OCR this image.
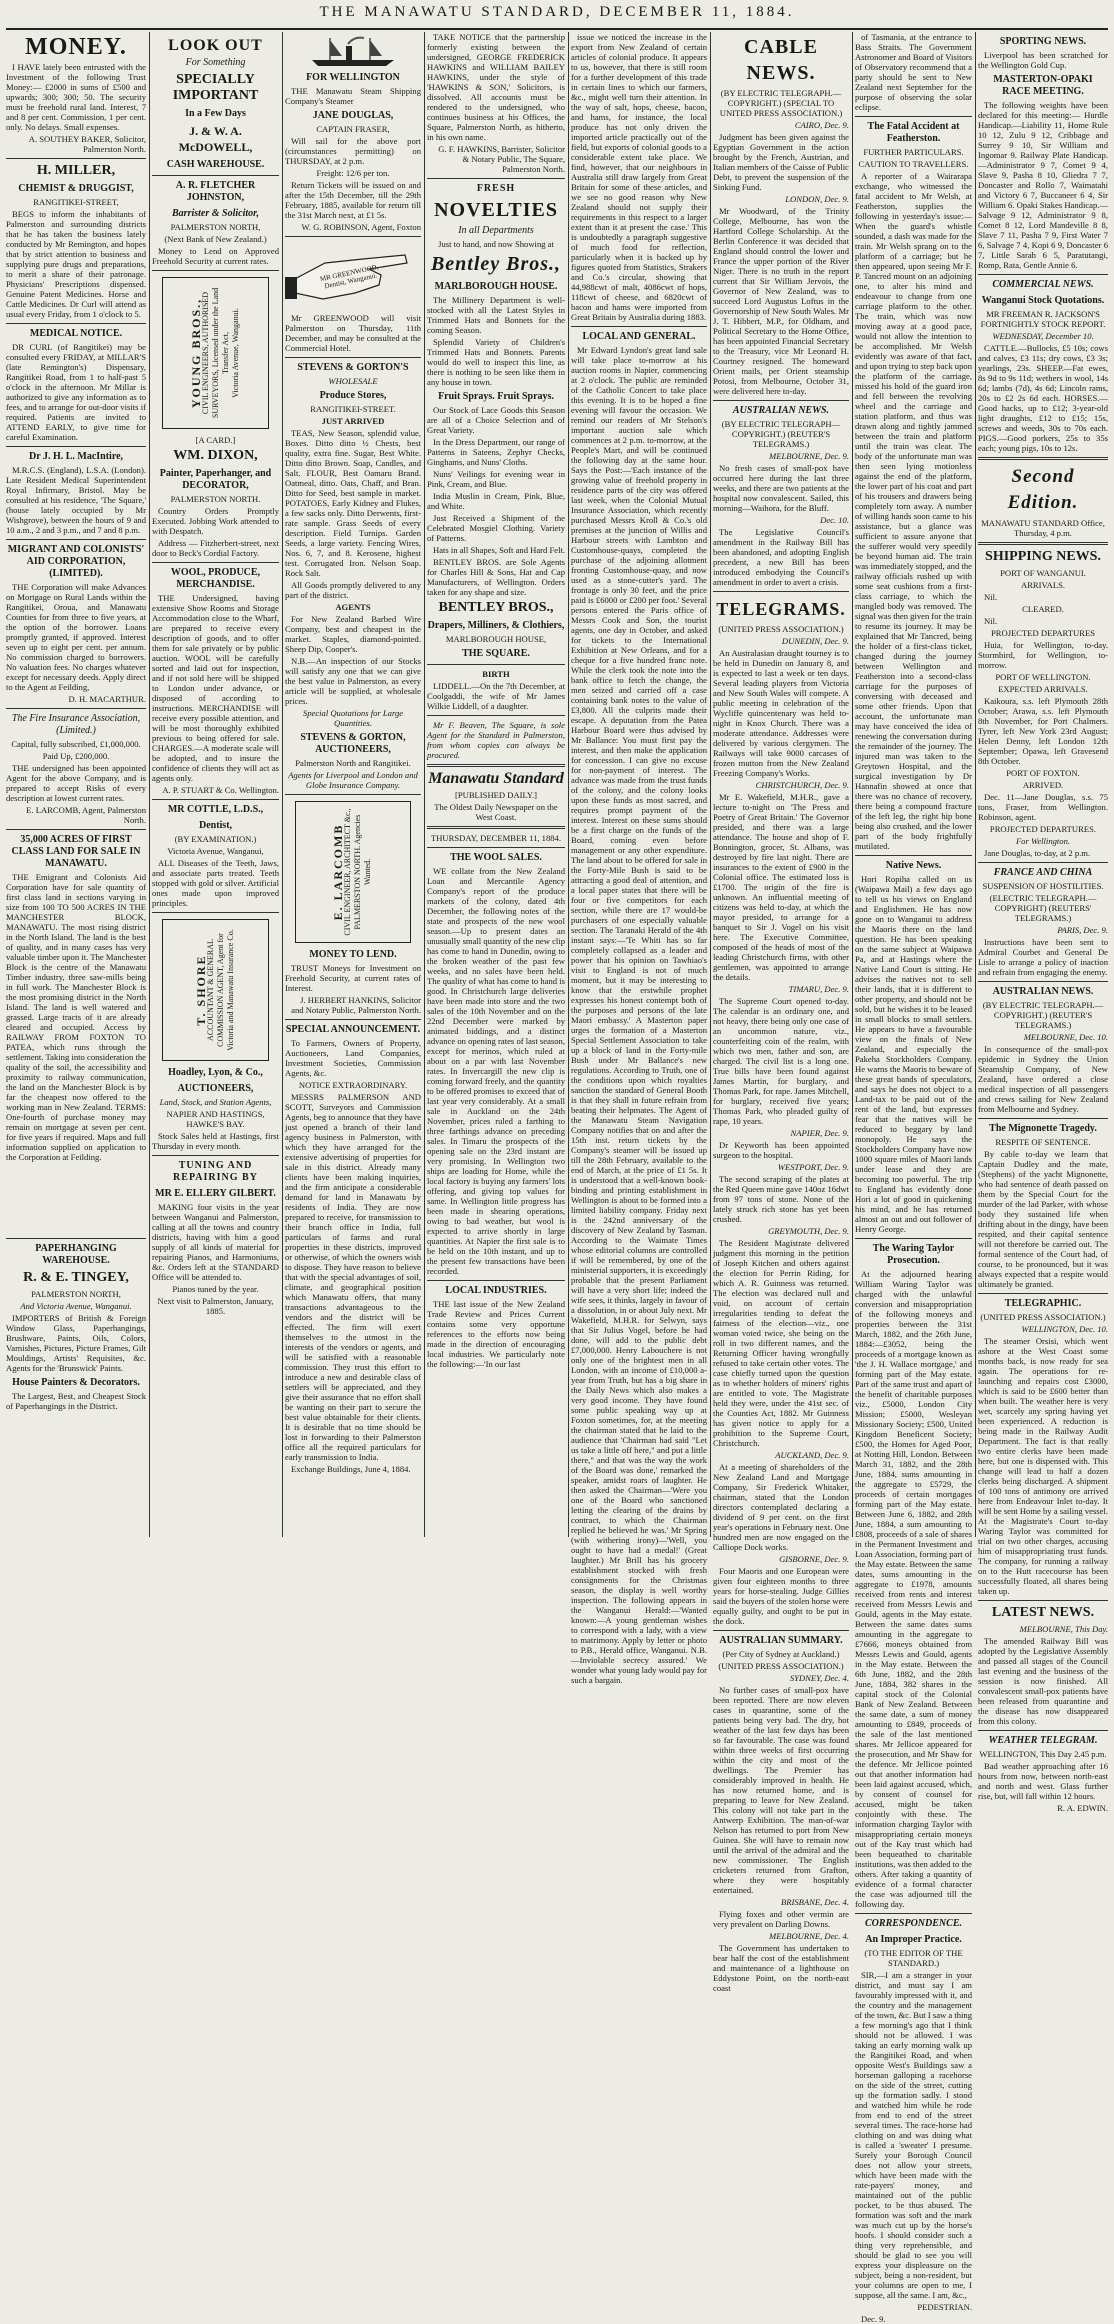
THE MANAWATU STANDARD, DECEMBER 11, 1884.
MONEY.

I HAVE lately been entrusted with the Investment of the following Trust Money:— £2000 in sums of £500 and upwards; 300; 300; 50. The security must be freehold rural land. Interest, 7 and 8 per cent. Commission, 1 per cent. only. No delays. Small expenses.

A. SOUTHEY BAKER, Solicitor, Palmerston North.

H. MILLER,
CHEMIST & DRUGGIST,

RANGITIKEI-STREET,

BEGS to inform the inhabitants of Palmerston and surrounding districts that he has taken the business lately conducted by Mr Remington, and hopes that by strict attention to business and supplying pure drugs and preparations, to merit a share of their patronage. Physicians' Prescriptions dispensed. Genuine Patent Medicines. Horse and Cattle Medicines. Dr Curl will attend as usual every Friday, from 1 o'clock to 5.

MEDICAL NOTICE.

DR CURL (of Rangitikei) may be consulted every FRIDAY, at MILLAR'S (late Remington's) Dispensary, Rangitikei Road, from 1 to half-past 5 o'clock in the afternoon. Mr Millar is authorized to give any information as to fees, and to arrange for out-door visits if required. Patients are invited to ATTEND EARLY, to give time for careful Examination.

Dr J. H. L. MacIntire,

M.R.C.S. (England), L.S.A. (London). Late Resident Medical Superintendent Royal Infirmary, Bristol. May be consulted at his residence, 'The Square,' (house lately occupied by Mr Wishgrove), between the hours of 9 and 10 a.m., 2 and 3 p.m., and 7 and 8 p.m.

MIGRANT AND COLONISTS' AID CORPORATION, (LIMITED).

THE Corporation will make Advances on Mortgage on Rural Lands within the Rangitikei, Oroua, and Manawatu Counties for from three to five years, at the option of the borrower. Loans promptly granted, if approved. Interest seven up to eight per cent. per annum. No commission charged to borrowers. No valuation fees. No charges whatever except for necessary deeds. Apply direct to the Agent at Feilding,

D. H. MACARTHUR.

The Fire Insurance Association, (Limited.)

Capital, fully subscribed, £1,000,000.

Paid Up, £200,000.

THE undersigned has been appointed Agent for the above Company, and is prepared to accept Risks of every description at lowest current rates.

E. LARCOMB, Agent, Palmerston North.

35,000 ACRES OF FIRST CLASS LAND FOR SALE IN MANAWATU.

THE Emigrant and Colonists Aid Corporation have for sale quantity of first class land in sections varying in size from 100 TO 500 ACRES IN THE MANCHESTER BLOCK, MANAWATU. The most rising district in the North Island. The land is the best of quality, and in many cases has very valuable timber upon it. The Manchester Block is the centre of the Manawatu Timber industry, three saw-mills being in full work. The Manchester Block is the most promising district in the North Island. The land is well watered and grassed. Large tracts of it are already cleared and occupied. Access by RAILWAY FROM FOXTON TO PATEA, which runs through the settlement. Taking into consideration the quality of the soil, the accessibility and proximity to railway communication, the land on the Manchester Block is by far the cheapest now offered to the working man in New Zealand. TERMS: One-fourth of purchase money may remain on mortgage at seven per cent. for five years if required. Maps and full information supplied on application to the Corporation at Feilding.

PAPERHANGING WAREHOUSE.
R. & E. TINGEY,

PALMERSTON NORTH,

And Victoria Avenue, Wanganui.

IMPORTERS of British & Foreign Window Glass, Paperhangings, Brushware, Paints, Oils, Colors, Varnishes, Pictures, Picture Frames, Gilt Mouldings, Artists' Requisites, &c. Agents for the 'Brunswick' Paints.

House Painters & Decorators.

The Largest, Best, and Cheapest Stock of Paperhangings in the District.

LOOK OUT
For Something
SPECIALLY IMPORTANT
In a Few Days
J. & W. A. McDOWELL,
CASH WAREHOUSE.
A. R. FLETCHER JOHNSTON,
Barrister & Solicitor,

PALMERSTON NORTH,

(Next Bank of New Zealand.)

Money to Lend on Approved Freehold Security at current rates.

YOUNG BROS.,
CIVIL ENGINEERS, AUTHORISED SURVEYORS, Licensed under the Land Transfer Act, Victoria Avenue, Wanganui.

[A CARD.]

WM. DIXON,
Painter, Paperhanger, and DECORATOR,

PALMERSTON NORTH.

Country Orders Promptly Executed. Jobbing Work attended to with Despatch.

Address — Fitzherbert-street, next door to Beck's Cordial Factory.

WOOL, PRODUCE, MERCHANDISE.

THE Undersigned, having extensive Show Rooms and Storage Accommodation close to the Wharf, are prepared to receive every description of goods, and to offer them for sale privately or by public auction. WOOL will be carefully sorted and laid out for inspection, and if not sold here will be shipped to London under advance, or disposed of according to instructions. MERCHANDISE will receive every possible attention, and will be most thoroughly exhibited previous to being offered for sale. CHARGES.—A moderate scale will be adopted, and to insure the confidence of clients they will act as agents only.

A. P. STUART & Co. Wellington.

MR COTTLE, L.D.S.,
Dentist,

(BY EXAMINATION.)

Victoria Avenue, Wanganui,

ALL Diseases of the Teeth, Jaws, and associate parts treated. Teeth stopped with gold or silver. Artificial ones made upon improved principles.

T. SHORE
ACCOUNTANT & GENERAL COMMISSION AGENT, Agent for Victoria and Manawatu Insurance Co.
Hoadley, Lyon, & Co.,
AUCTIONEERS,

Land, Stock, and Station Agents,

NAPIER AND HASTINGS, HAWKE'S BAY.

Stock Sales held at Hastings, first Thursday in every month.

TUNING AND REPAIRING BY
MR E. ELLERY GILBERT.

MAKING four visits in the year between Wanganui and Palmerston, calling at all the towns and country districts, having with him a good supply of all kinds of material for repairing Pianos, and Harmoniums, &c. Orders left at the STANDARD Office will be attended to.

Pianos tuned by the year.

Next visit to Palmerston, January, 1885.

FOR WELLINGTON

THE Manawatu Steam Shipping Company's Steamer

JANE DOUGLAS,

CAPTAIN FRASER,

Will sail for the above port (circumstances permitting) on THURSDAY, at 2 p.m.

Freight: 12/6 per ton.

Return Tickets will be issued on and after the 15th December, till the 29th February, 1885, available for return till the 31st March next, at £1 5s.

W. G. ROBINSON, Agent, Foxton

MR GREENWOOD, Dentist, Wanganui.

Mr GREENWOOD will visit Palmerston on Thursday, 11th December, and may be consulted at the Commercial Hotel.

STEVENS & GORTON'S

WHOLESALE

Produce Stores,

RANGITIKEI-STREET.

JUST ARRIVED

TEAS, New Season, splendid value, Boxes. Ditto ditto ½ Chests, best quality, extra fine. Sugar, Best White. Ditto ditto Brown. Soap, Candles, and Salt. FLOUR, Best Oamaru Brand. Oatmeal, ditto. Oats, Chaff, and Bran. Ditto for Seed, best sample in market. POTATOES, Early Kidney and Flukes, a few sacks only. Ditto Derwents, first-rate sample. Grass Seeds of every description. Field Turnips. Garden Seeds, a large variety. Fencing Wires, Nos. 6, 7, and 8. Kerosene, highest test. Corrugated Iron. Nelson Soap. Rock Salt.

All Goods promptly delivered to any part of the district.

AGENTS

For New Zealand Barbed Wire Company, best and cheapest in the market. Staples, diamond-pointed. Sheep Dip, Cooper's.

N.B.—An inspection of our Stocks will satisfy any one that we can give the best value in Palmerston, as every article will be supplied, at wholesale prices.

Special Quotations for Large Quantities.

STEVENS & GORTON, AUCTIONEERS,

Palmerston North and Rangitikei.

Agents for Liverpool and London and Globe Insurance Company.

E. LARCOMB
CIVIL ENGINEER, ARCHITECT &c., PALMERSTON NORTH. Agencies Wanted.
MONEY TO LEND.

TRUST Moneys for Investment on Freehold Security, at current rates of Interest.

J. HERBERT HANKINS, Solicitor and Notary Public, Palmerston North.

SPECIAL ANNOUNCEMENT.

To Farmers, Owners of Property, Auctioneers, Land Companies, Investment Societies, Commission Agents, &c.

NOTICE EXTRAORDINARY.

MESSRS PALMERSON AND SCOTT, Surveyors and Commission Agents, beg to announce that they have just opened a branch of their land agency business in Palmerston, with which they have arranged for the extensive advertising of properties for sale in this district. Already many clients have been making inquiries, and the firm anticipate a considerable demand for land in Manawatu by residents of India. They are now prepared to receive, for transmission to their branch office in India, full particulars of farms and rural properties in these districts, improved or otherwise, of which the owners wish to dispose. They have reason to believe that with the special advantages of soil, climate, and geographical position which Manawatu offers, that many transactions advantageous to the vendors and the district will be effected. The firm will exert themselves to the utmost in the interests of the vendors or agents, and will be satisfied with a reasonable commission. They trust this effort to introduce a new and desirable class of settlers will be appreciated, and they give their assurance that no effort shall be wanting on their part to secure the best value obtainable for their clients. It is desirable that no time should be lost in forwarding to their Palmerston office all the required particulars for early transmission to India.

Exchange Buildings, June 4, 1884.

TAKE NOTICE that the partnership formerly existing between the undersigned, GEORGE FREDERICK HAWKINS and WILLIAM BAILEY HAWKINS, under the style of 'HAWKINS & SON,' Solicitors, is dissolved. All accounts must be rendered to the undersigned, who continues business at his Offices, the Square, Palmerston North, as hitherto, in his own name.

G. F. HAWKINS, Barrister, Solicitor & Notary Public, The Square, Palmerston North.

FRESH
NOVELTIES
In all Departments

Just to hand, and now Showing at

Bentley Bros.,
MARLBOROUGH HOUSE.

The Millinery Department is well-stocked with all the Latest Styles in Trimmed Hats and Bonnets for the coming Season.

Splendid Variety of Children's Trimmed Hats and Bonnets. Parents would do well to inspect this line, as there is nothing to be seen like them in any house in town.

Fruit Sprays. Fruit Sprays.

Our Stock of Lace Goods this Season are all of a Choice Selection and of Great Variety.

In the Dress Department, our range of Patterns in Sateens, Zephyr Checks, Ginghams, and Nuns' Cloths.

Nuns' Veilings for evening wear in Pink, Cream, and Blue.

India Muslin in Cream, Pink, Blue, and White.

Just Received a Shipment of the Celebrated Mosgiel Clothing. Variety of Patterns.

Hats in all Shapes, Soft and Hard Felt.

BENTLEY BROS. are Sole Agents for Charles Hill & Sons, Hat and Cap Manufacturers, of Wellington. Orders taken for any shape and size.

BENTLEY BROS.,
Drapers, Milliners, & Clothiers,

MARLBOROUGH HOUSE,

THE SQUARE.

BIRTH

LIDDELL.—On the 7th December, at Coolgaddi, the wife of Mr James Wilkie Liddell, of a daughter.

Mr F. Beaven, The Square, is sole Agent for the Standard in Palmerston, from whom copies can always be procured.

Manawatu Standard

[PUBLISHED DAILY.]

The Oldest Daily Newspaper on the West Coast.

THURSDAY, DECEMBER 11, 1884.

THE WOOL SALES.

WE collate from the New Zealand Loan and Mercantile Agency Company's report of the produce markets of the colony, dated 4th December, the following notes of the state and prospects of the new wool season.—Up to present dates an unusually small quantity of the new clip has come to hand in Dunedin, owing to the broken weather of the past few weeks, and no sales have been held. The quality of what has come to hand is good. In Christchurch large deliveries have been made into store and the two sales of the 10th November and on the 22nd December were marked by animated biddings, and a distinct advance on opening rates of last season, except for merinos, which ruled at about on a par with last November rates. In Invercargill the new clip is coming forward freely, and the quantity to be offered promises to exceed that of last year very considerably. At a small sale in Auckland on the 24th November, prices ruled a farthing to three farthings advance on preceding sales. In Timaru the prospects of the opening sale on the 23rd instant are very promising. In Wellington two ships are loading for Home, while the local factory is buying any farmers' lots offering, and giving top values for same. In Wellington little progress has been made in shearing operations, owing to bad weather, but wool is expected to arrive shortly in large quantities. At Napier the first sale is to be held on the 10th instant, and up to the present few transactions have been recorded.

LOCAL INDUSTRIES.

THE last issue of the New Zealand Trade Review and Prices Current contains some very opportune references to the efforts now being made in the direction of encouraging local industries. We particularly note the following:—'In our last

issue we noticed the increase in the export from New Zealand of certain articles of colonial produce. It appears to us, however, that there is still room for a further development of this trade in certain lines to which our farmers, &c., might well turn their attention. In the way of salt, hops, cheese, bacon, and hams, for instance, the local produce has not only driven the imported article practically out of the field, but exports of colonial goods to a considerable extent take place. We find, however, that our neighbours in Australia still draw largely from Great Britain for some of these articles, and we see no good reason why New Zealand should not supply their requirements in this respect to a larger extent than it at present the case.' This is undoubtedly a paragraph suggestive of much food for reflection, particularly when it is backed up by figures quoted from Statistics, Strakers and Co.'s circular, showing that 44,988cwt of malt, 4086cwt of hops, 118cwt of cheese, and 6820cwt of bacon and hams were imported from Great Britain by Australia during 1883.

LOCAL AND GENERAL.

Mr Edward Lyndon's great land sale will take place to-morrow at his auction rooms in Napier, commencing at 2 o'clock. The public are reminded of the Catholic Concert to take place this evening. It is to be hoped a fine evening will favour the occasion. We remind our readers of Mr Stelson's important auction sale which commences at 2 p.m. to-morrow, at the People's Mart, and will be continued the following day at the same hour. Says the Post:—'Each instance of the growing value of freehold property in residence parts of the city was offered last week, when the Colonial Mutual Insurance Association, which recently purchased Messrs Kroll & Co.'s old premises at the junction of Willis and Harbour streets with Lambton and Customhouse-quays, completed the purchase of the adjoining allotment fronting Customhouse-quay, and now used as a stone-cutter's yard. The frontage is only 30 feet, and the price paid is £6000 or £200 per foot.' Several persons entered the Paris office of Messrs Cook and Son, the tourist agents, one day in October, and asked for tickets to the International Exhibition at New Orleans, and for a cheque for a five hundred franc note. While the clerk took the note into the bank office to fetch the change, the men seized and carried off a case containing bank notes to the value of £3,800. All the culprits made their escape. A deputation from the Patea Harbour Board were thus advised by Mr Ballance: You must first pay the interest, and then make the application for concession. I can give no excuse for non-payment of interest. The advance was made from the trust funds of the colony, and the colony looks upon these funds as most sacred, and requires prompt payment of the interest. Interest on these sums should be a first charge on the funds of the Board, coming even before management or any other expenditure. The land about to be offered for sale in the Forty-Mile Bush is said to be attracting a good deal of attention, and a local paper states that there will be four or five competitors for each section, while there are 17 would-be purchasers of one especially valuable section. The Taranaki Herald of the 4th instant says:—'Te Whiti has so far completely collapsed as a leader and power that his opinion on Tawhiao's visit to England is not of much moment, but it may be interesting to know that the erstwhile prophet expresses his honest contempt both of the purposes and persons of the late Maori embassy.' A Masterton paper urges the formation of a Masterton Special Settlement Association to take up a block of land in the Forty-mile Bush under Mr Ballance's new regulations. According to Truth, one of the conditions upon which royalties sanction the standard of General Booth is that they shall in future refrain from beating their helpmates. The Agent of the Manawatu Steam Navigation Company notifies that on and after the 15th inst. return tickets by the Company's steamer will be issued up till the 28th February, available to the end of March, at the price of £1 5s. It is understood that a well-known book-binding and printing establishment in Wellington is about to be formed into a limited liability company. Friday next is the 242nd anniversary of the discovery of New Zealand by Tasman. According to the Waimate Times whose editorial columns are controlled if will be remembered, by one of the ministerial supporters, it is exceedingly probable that the present Parliament will have a very short life; indeed the wife sees, it thinks, largely in favour of a dissolution, in or about July next. Mr Wakefield, M.H.R. for Selwyn, says that Sir Julius Vogel, before he had done, will add to the public debt £7,000,000. Henry Labouchere is not only one of the brightest men in all London, with an income of £10,000 a-year from Truth, but has a big share in the Daily News which also makes a very good income. They have found some public speaking way up at Foxton sometimes, for, at the meeting the chairman stated that he laid to the audience that 'Chairman had said "Let us take a little off here," and put a little there," and that was the way the work of the Board was done,' remarked the speaker, amidst roars of laughter. He then asked the Chairman—'Were you one of the Board who sanctioned letting the clearing of the drains by contract, to which the Chairman replied he believed he was.' Mr Spring (with withering irony)—'Well, you ought to have had a medal!' (Great laughter.) Mr Brill has his grocery establishment stocked with fresh consignments for the Christmas season, the display is well worthy inspection. The following appears in the Wanganui Herald:—'Wanted known:—A young gentleman wishes to correspond with a lady, with a view to matrimony. Apply by letter or photo to P.B., Herald office, Wanganui. N.B.—Inviolable secrecy assured.' We wonder what young lady would pay for such a bargain.

CABLE NEWS.

(BY ELECTRIC TELEGRAPH.—COPYRIGHT.) (SPECIAL TO UNITED PRESS ASSOCIATION.)

CAIRO, Dec. 9.

Judgment has been given against the Egyptian Government in the action brought by the French, Austrian, and Italian members of the Caisse of Public Debt, to prevent the suspension of the Sinking Fund.

LONDON, Dec. 9.

Mr Woodward, of the Trinity College, Melbourne, has won the Hartford College Scholarship. At the Berlin Conference it was decided that England should control the lower and France the upper portion of the River Niger. There is no truth in the report current that Sir William Jervois, the Governor of New Zealand, was to succeed Lord Augustus Loftus in the Governorship of New South Wales. Mr J. T. Hibbert, M.P., for Oldham, and Political Secretary to the Home Office, has been appointed Financial Secretary to the Treasury, vice Mr Leonard H. Courtney resigned. The homeward Orient mails, per Orient steamship Potosi, from Melbourne, October 31, were delivered here to-day.

AUSTRALIAN NEWS.

(BY ELECTRIC TELEGRAPH—COPYRIGHT.) (REUTER'S TELEGRAMS.)

MELBOURNE, Dec. 9.

No fresh cases of small-pox have occurred here during the last three weeks, and there are two patients at the hospital now convalescent. Sailed, this morning—Waihora, for the Bluff.

Dec. 10.

The Legislative Council's amendment in the Railway Bill has been abandoned, and adopting English precedent, a new Bill has been introduced embodying the Council's amendment in order to avert a crisis.

TELEGRAMS.

(UNITED PRESS ASSOCIATION.)

DUNEDIN, Dec. 9.

An Australasian draught tourney is to be held in Dunedin on January 8, and is expected to last a week or ten days. Several leading players from Victoria and New South Wales will compete. A public meeting in celebration of the Wycliffe quincentenary was held to-night in Knox Church. There was a moderate attendance. Addresses were delivered by various clergymen. The Railways will take 9000 carcases of frozen mutton from the New Zealand Freezing Company's Works.

CHRISTCHURCH, Dec. 9.

Mr E. Wakefield, M.H.R., gave a lecture to-night on 'The Press and Poetry of Great Britain.' The Governor presided, and there was a large attendance. The house and shop of F. Bonnington, grocer, St. Albans, was destroyed by fire last night. There are insurances to the extent of £900 in the Colonial office. The estimated loss is £1700. The origin of the fire is unknown. An influential meeting of citizens was held to-day, at which the mayor presided, to arrange for a banquet to Sir J. Vogel on his visit here. The Executive Committee, composed of the heads of most of the leading Christchurch firms, with other gentlemen, was appointed to arrange the details.

TIMARU, Dec. 9.

The Supreme Court opened to-day. The calendar is an ordinary one, and not heavy, there being only one case of an uncommon nature, viz., counterfeiting coin of the realm, with which two men, father and son, are charged. The civil list is a long one. True bills have been found against James Martin, for burglary, and Thomas Park, for rape. James Mitchell, for burglary, received five years; Thomas Park, who pleaded guilty of rape, 10 years.

NAPIER, Dec. 9.

Dr Keyworth has been appointed surgeon to the hospital.

WESTPORT, Dec. 9.

The second scraping of the plates at the Red Queen mine gave 140oz 16dwt from 97 tons of stone. None of the lately struck rich stone has yet been crushed.

GREYMOUTH, Dec. 9.

The Resident Magistrate delivered judgment this morning in the petition of Joseph Kitchen and others against the election for Perrin Riding, for which A. R. Guinness was returned. The election was declared null and void, on account of certain irregularities tending to defeat the fairness of the election—viz., one woman voted twice, she being on the roll in two different names, and the Returning Officer having wrongfully refused to take certain other votes. The case chiefly turned upon the question as to whether holders of miners' rights are entitled to vote. The Magistrate held they were, under the 41st sec. of the Counties Act, 1882. Mr Guinness has given notice to apply for a prohibition to the Supreme Court, Christchurch.

AUCKLAND, Dec. 9.

At a meeting of shareholders of the New Zealand Land and Mortgage Company, Sir Frederick Whitaker, chairman, stated that the London directors contemplated declaring a dividend of 9 per cent. on the first year's operations in February next. One hundred men are now engaged on the Calliope Dock works.

GISBORNE, Dec. 9.

Four Maoris and one European were given four eighteen months to three years for horse-stealing. Judge Gillies said the buyers of the stolen horse were equally guilty, and ought to be put in the dock.

AUSTRALIAN SUMMARY.

(Per City of Sydney at Auckland.)

(UNITED PRESS ASSOCIATION.)

SYDNEY, Dec. 4.

No further cases of small-pox have been reported. There are now eleven cases in quarantine, some of the patients being very bad. The dry, hot weather of the last few days has been so far favourable. The case was found within three weeks of first occurring within the city and most of the dwellings. The Premier has considerably improved in health. He has now returned home, and is preparing to leave for New Zealand. This colony will not take part in the Antwerp Exhibition. The man-of-war Nelson has returned to port from New Guinea. She will have to remain now until the arrival of the admiral and the new commissioner. The English cricketers returned from Grafton, where they were hospitably entertained.

BRISBANE, Dec. 4.

Flying foxes and other vermin are very prevalent on Darling Downs.

MELBOURNE, Dec. 4.

The Government has undertaken to bear half the cost of the establishment and maintenance of a lighthouse on Eddystone Point, on the north-east coast

of Tasmania, at the entrance to Bass Straits. The Government Astronomer and Board of Visitors of Observatory recommend that a party should be sent to New Zealand next September for the purpose of observing the solar eclipse.

The Fatal Accident at Featherston.

FURTHER PARTICULARS.

CAUTION TO TRAVELLERS.

A reporter of a Wairarapa exchange, who witnessed the fatal accident to Mr Welsh, at Featherston, supplies the following in yesterday's issue:—When the guard's whistle sounded, a dash was made for the train. Mr Welsh sprang on to the platform of a carriage; but he then appeared, upon seeing Mr F. P. Tancred mount on an adjoining one, to alter his mind and endeavour to change from one carriage platform to the other. The train, which was now moving away at a good pace, would not allow the intention to be accomplished. Mr Welsh evidently was aware of that fact, and upon trying to step back upon the platform of the carriage, missed his hold of the guard iron and fell between the revolving wheel and the carriage and station platform, and thus was drawn along and tightly jammed between the train and platform until the train was clear. The body of the unfortunate man was then seen lying motionless against the end of the platform, the lower part of his coat and part of his trousers and drawers being completely torn away. A number of willing hands soon came to his assistance, but a glance was sufficient to assure anyone that the sufferer would very speedily be beyond human aid. The train was immediately stopped, and the railway officials rushed up with some seat cushions from a first-class carriage, to which the mangled body was removed. The signal was then given for the train to resume its journey. It may be explained that Mr Tancred, being the holder of a first-class ticket, changed during the journey between Wellington and Featherston into a second-class carriage for the purposes of conversing with deceased and some other friends. Upon that account, the unfortunate man may have conceived the idea of renewing the conversation during the remainder of the journey. The injured man was taken to the Greytown Hospital, and the surgical investigation by Dr Hannafin showed at once that there was no chance of recovery, there being a compound fracture of the left leg, the right hip bone being also crushed, and the lower part of the body frightfully mutilated.

Native News.

Hori Ropiha called on us (Waipawa Mail) a few days ago to tell us his views on England and Englishmen. He has now gone on to Wanganui to address the Maoris there on the land question. He has been speaking on the same subject at Waipawa Pa, and at Hastings where the Native Land Court is sitting. He advises the natives not to sell their lands, that it is different to other property, and should not be sold, but he wishes it to be leased in small blocks to small settlers. He appears to have a favourable view on the finals of New Zealand, and especially the Pakeha Stockholders Company. He warns the Maoris to beware of these great bands of speculators, and says he does not object to a Land-tax to be paid out of the rent of the land, but expresses fear that the natives will be reduced to beggary by land monopoly. He says the Stockholders Company have now 1000 square miles of Maori lands under lease and they are becoming too powerful. The trip to England has evidently done Hori a lot of good in quickening his mind, and he has returned almost an out and out follower of Henry George.

The Waring Taylor Prosecution.

At the adjourned hearing William Waring Taylor was charged with the unlawful conversion and misappropriation of the following moneys and properties between the 31st March, 1882, and the 26th June, 1884:—£3052, being the proceeds of a mortgage known as 'the J. H. Wallace mortgage,' and forming part of the May estate. Part of the same trust and apart of the benefit of charitable purposes viz., £5000, London City Mission; £5000, Wesleyan Missionary Society; £500, United Kingdom Beneficent Society; £500, the Homes for Aged Poor, at Notting Hill, London. Between March 31, 1882, and the 28th June, 1884, sums amounting in the aggregate to £5729, the proceeds of certain mortgages forming part of the May estate. Between June 6, 1882, and 28th June, 1884, a sum amounting to £808, proceeds of a sale of shares in the Permanent Investment and Loan Association, forming part of the May estate. Between the same dates, sums amounting in the aggregate to £1978, amounts received from rents and interest received from Messrs Lewis and Gould, agents in the May estate. Between the same dates sums amounting in the aggregate to £7666, moneys obtained from Messrs Lewis and Gould, agents in the May estate. Between the 6th June, 1882, and the 28th June, 1884, 382 shares in the capital stock of the Colonial Bank of New Zealand. Between the same date, a sum of money amounting to £849, proceeds of the sale of the last mentioned shares. Mr Jellicoe appeared for the prosecution, and Mr Shaw for the defence. Mr Jellicoe pointed out that another information had been laid against accused, which, by consent of counsel for accused, might be taken conjointly with these. The information charging Taylor with misappropriating certain moneys out of the Kay trust which had been bequeathed to charitable institutions, was then added to the others. After taking a quantity of evidence of a formal character the case was adjourned till the following day.

CORRESPONDENCE.
An Improper Practice.

(TO THE EDITOR OF THE STANDARD.)

SIR,—I am a stranger in your district, and must say I am favourably impressed with it, and the country and the management of the town, &c. But I saw a thing a few morning's ago that I think should not be allowed. I was taking an early morning walk up the Rangitikei Road, and when opposite West's Buildings saw a horseman galloping a racehorse on the side of the street, cutting up the formation sadly. I stood and watched him while he rode from end to end of the street several times. The race-horse had clothing on and was doing what is called a 'sweater' I presume. Surely your Borough Council does not allow your streets, which have been made with the rate-payers' money, and maintained out of the public pocket, to be thus abused. The formation was soft and the mark was much cut up by the horse's hoofs. I should consider such a thing very reprehensible, and should be glad to see you will express your displeasure on the subject, being a non-resident, but your columns are open to me, I suppose, all the same. I am, &c.,

PEDESTRIAN.

Dec. 9.

SPORTING NEWS.

Liverpool has been scratched for the Wellington Gold Cup.

MASTERTON-OPAKI RACE MEETING.

The following weights have been declared for this meeting:— Hurdle Handicap.—Liability 11, Home Rule 10 12, Zulu 9 12, Cribbage and Surrey 9 10, Sir William and Ingomar 9. Railway Plate Handicap.—Administrator 9 7, Comet 9 4, Slave 9, Pasha 8 10, Gliedra 7 7, Doncaster and Rollo 7, Waimatahi and Victory 6 7, Buccaneer 6 4, Sir William 6. Opaki Stakes Handicap.—Salvage 9 12, Administrator 9 8, Comet 8 12, Lord Mandeville 8 8, Slave 7 11, Pasha 7 9, First Water 7 6, Salvage 7 4, Kopi 6 9, Doncaster 6 7, Little Sarah 6 5, Paratutangi, Romp, Rata, Gentle Annie 6.

COMMERCIAL NEWS.
Wanganui Stock Quotations.

MR FREEMAN R. JACKSON'S FORTNIGHTLY STOCK REPORT.

WEDNESDAY, December 10.

CATTLE.—Bullocks, £5 10s; cows and calves, £3 11s; dry cows, £3 3s; yearlings, 23s. SHEEP.—Fat ewes, 8s 9d to 9s 11d; wethers in wool, 14s 6d; lambs (7d), 4s 6d; Lincoln rams, 20s to £2 2s 6d each. HORSES.—Good hacks, up to £12; 3-year-old light draughts, £12 to £15; 15s, screws and weeds, 30s to 70s each. PIGS.—Good porkers, 25s to 35s each; young pigs, 10s to 12s.

Second Edition.

MANAWATU STANDARD Office, Thursday, 4 p.m.

SHIPPING NEWS.

PORT OF WANGANUI.

ARRIVALS.

Nil.

CLEARED.

Nil.

PROJECTED DEPARTURES

Huia, for Wellington, to-day. Stormbird, for Wellington, to-morrow.

PORT OF WELLINGTON.

EXPECTED ARRIVALS.

Kaikoura, s.s. left Plymouth 28th October; Arawa, s.s. left Plymouth 8th November, for Port Chalmers. Tyrer, left New York 23rd August; Helen Denny, left London 12th September; Opawa, left Gravesend 8th October.

PORT OF FOXTON.

ARRIVED.

Dec. 11—Jane Douglas, s.s. 75 tons, Fraser, from Wellington. Robinson, agent.

PROJECTED DEPARTURES.

For Wellington.

Jane Douglas, to-day, at 2 p.m.

FRANCE AND CHINA

SUSPENSION OF HOSTILITIES.

(ELECTRIC TELEGRAPH.—COPYRIGHT) (REUTERS' TELEGRAMS.)

PARIS, Dec. 9.

Instructions have been sent to Admiral Courbet and General De Lisle to arrange a policy of inaction and refrain from engaging the enemy.

AUSTRALIAN NEWS.

(BY ELECTRIC TELEGRAPH.—COPYRIGHT.) (REUTER'S TELEGRAMS.)

MELBOURNE, Dec. 10.

In consequence of the small-pox epidemic in Sydney the Union Steamship Company, of New Zealand, have ordered a close medical inspection of all passengers and crews sailing for New Zealand from Melbourne and Sydney.

The Mignonette Tragedy.

RESPITE OF SENTENCE.

By cable to-day we learn that Captain Dudley and the mate, (Stephens) of the yacht Mignonette, who had sentence of death passed on them by the Special Court for the murder of the lad Parker, with whose body they sustained life when drifting about in the dingy, have been respited, and their capital sentence will not therefore be carried out. The formal sentence of the Court had, of course, to be pronounced, but it was always expected that a respite would ultimately be granted.

TELEGRAPHIC.

(UNITED PRESS ASSOCIATION.)

WELLINGTON, Dec. 10.

The steamer Orsisi, which went ashore at the West Coast some months back, is now ready for sea again. The operations for re-launching and repairs cost £3000, which is said to be £600 better than when built. The weather here is very wet, scarcely any spring having yet been experienced. A reduction is being made in the Railway Audit Department. The fact is that really two entire clerks have been made here, but one is dispensed with. This change will lead to half a dozen clerks being discharged. A shipment of 100 tons of antimony ore arrived here from Endeavour Inlet to-day. It will be sent Home by a sailing vessel. At the Magistrate's Court to-day Waring Taylor was committed for trial on two other charges, accusing him of misappropriating trust funds. The company, for running a railway on to the Hutt racecourse has been successfully floated, all shares being taken up.

LATEST NEWS.

MELBOURNE, This Day.

The amended Railway Bill was adopted by the Legislative Assembly and passed all stages of the Council last evening and the business of the session is now finished. All convalescent small-pox patients have been released from quarantine and the disease has now disappeared from this colony.

WEATHER TELEGRAM.

WELLINGTON, This Day 2.45 p.m.

Bad weather approaching after 16 hours from now, between north-east and north and west. Glass further rise, but, will fall within 12 hours.

R. A. EDWIN.
